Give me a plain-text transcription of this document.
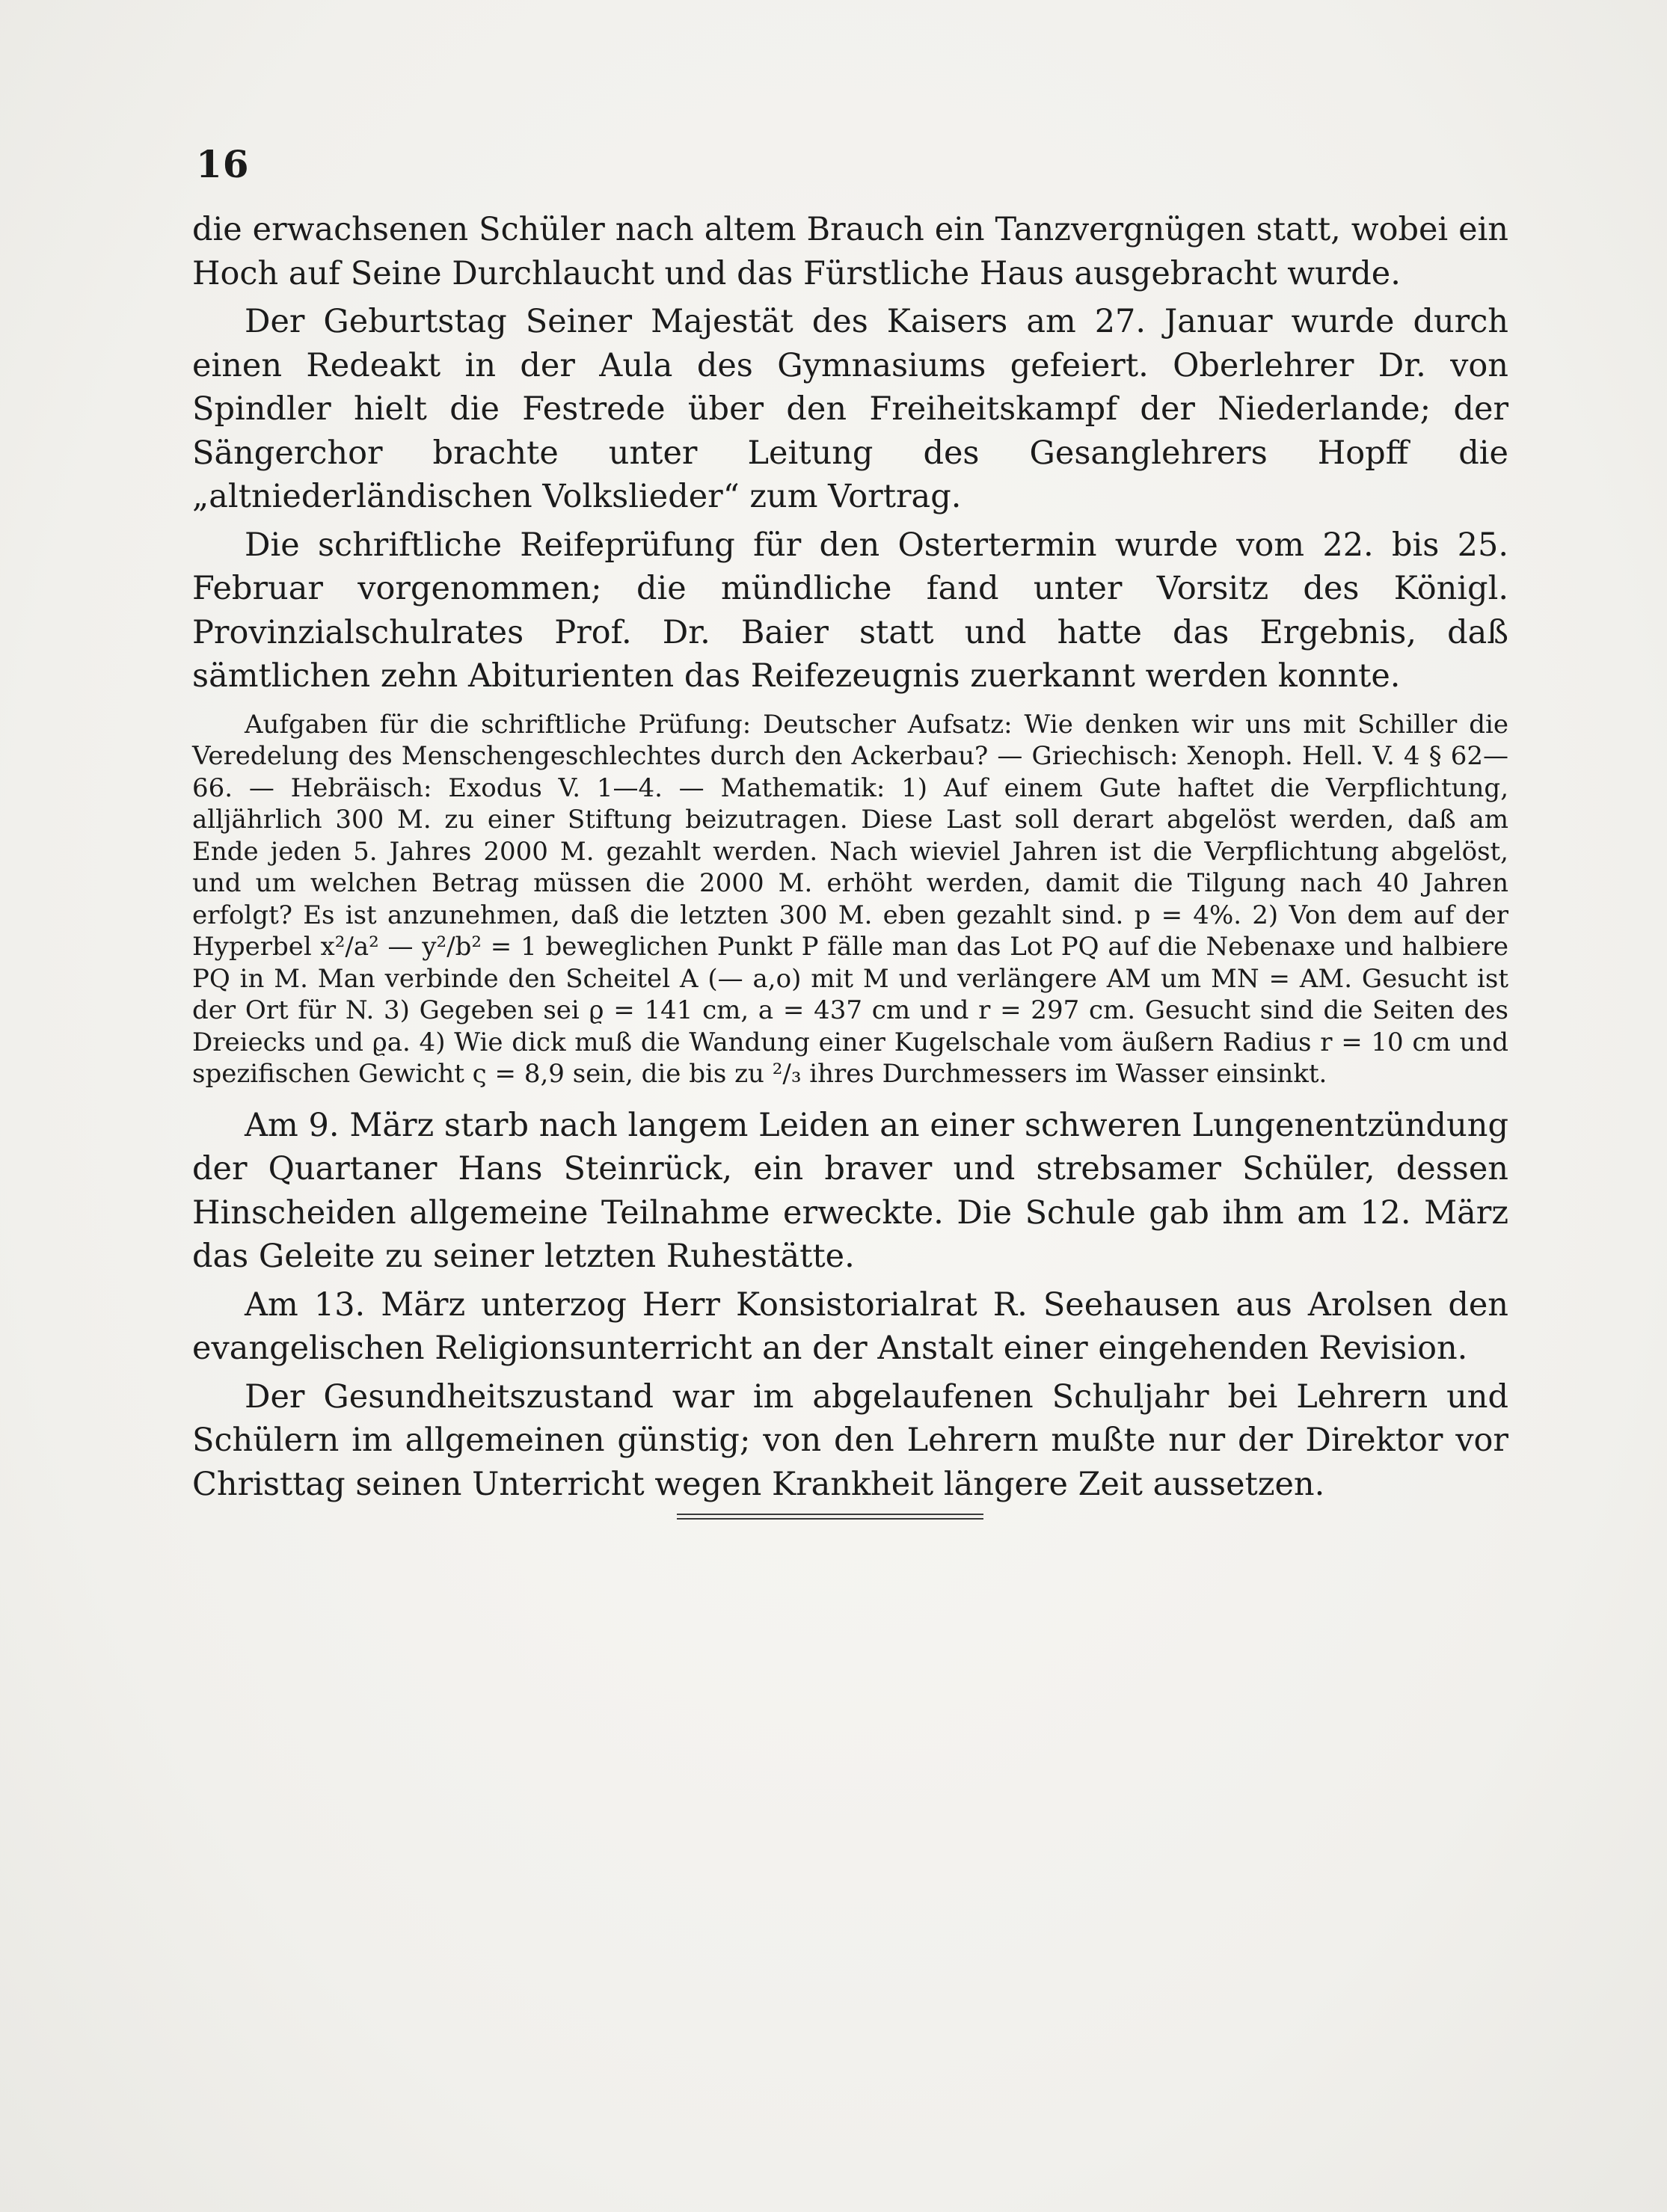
16

die erwachsenen Schüler nach altem Brauch ein Tanzvergnügen statt, wobei ein Hoch auf Seine Durchlaucht und das Fürstliche Haus ausgebracht wurde.

Der Geburtstag Seiner Majestät des Kaisers am 27. Januar wurde durch einen Redeakt in der Aula des Gymnasiums gefeiert. Oberlehrer Dr. von Spindler hielt die Festrede über den Freiheitskampf der Niederlande; der Sängerchor brachte unter Leitung des Gesanglehrers Hopff die „altniederländischen Volkslieder“ zum Vortrag.

Die schriftliche Reifeprüfung für den Ostertermin wurde vom 22. bis 25. Februar vorgenommen; die mündliche fand unter Vorsitz des Königl. Provinzialschulrates Prof. Dr. Baier statt und hatte das Ergebnis, daß sämtlichen zehn Abiturienten das Reifezeugnis zuerkannt werden konnte.

Aufgaben für die schriftliche Prüfung: Deutscher Aufsatz: Wie denken wir uns mit Schiller die Veredelung des Menschengeschlechtes durch den Ackerbau? — Griechisch: Xenoph. Hell. V. 4 § 62—66. — Hebräisch: Exodus V. 1—4. — Mathematik: 1) Auf einem Gute haftet die Verpflichtung, alljährlich 300 M. zu einer Stiftung beizutragen. Diese Last soll derart abgelöst werden, daß am Ende jeden 5. Jahres 2000 M. gezahlt werden. Nach wieviel Jahren ist die Verpflichtung abgelöst, und um welchen Betrag müssen die 2000 M. erhöht werden, damit die Tilgung nach 40 Jahren erfolgt? Es ist anzunehmen, daß die letzten 300 M. eben gezahlt sind. p = 4%. 2) Von dem auf der Hyperbel x²/a² — y²/b² = 1 beweglichen Punkt P fälle man das Lot PQ auf die Nebenaxe und halbiere PQ in M. Man verbinde den Scheitel A (— a,o) mit M und verlängere AM um MN = AM. Gesucht ist der Ort für N. 3) Gegeben sei ϱ = 141 cm, a = 437 cm und r = 297 cm. Gesucht sind die Seiten des Dreiecks und ϱa. 4) Wie dick muß die Wandung einer Kugelschale vom äußern Radius r = 10 cm und spezifischen Gewicht ς = 8,9 sein, die bis zu ²/₃ ihres Durchmessers im Wasser einsinkt.

Am 9. März starb nach langem Leiden an einer schweren Lungenentzündung der Quartaner Hans Steinrück, ein braver und strebsamer Schüler, dessen Hinscheiden allgemeine Teilnahme erweckte. Die Schule gab ihm am 12. März das Geleite zu seiner letzten Ruhestätte.

Am 13. März unterzog Herr Konsistorialrat R. Seehausen aus Arolsen den evangelischen Religionsunterricht an der Anstalt einer eingehenden Revision.

Der Gesundheitszustand war im abgelaufenen Schuljahr bei Lehrern und Schülern im allgemeinen günstig; von den Lehrern mußte nur der Direktor vor Christtag seinen Unterricht wegen Krankheit längere Zeit aussetzen.
